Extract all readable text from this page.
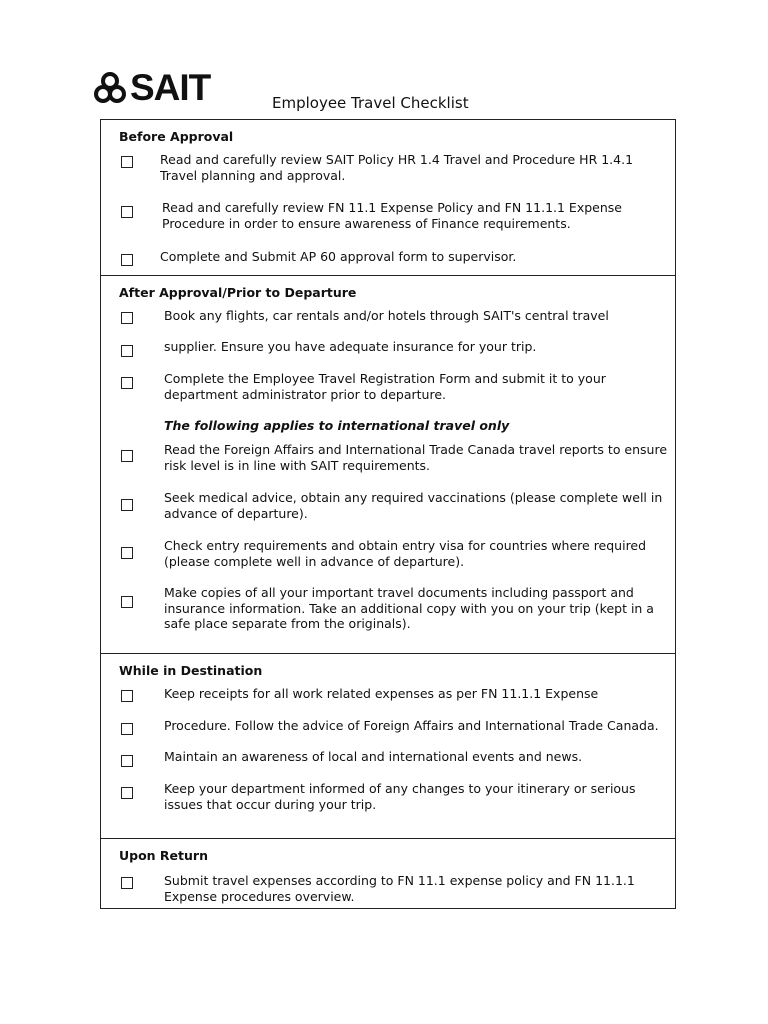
SAIT	Employee Travel Checklist
Before Approval
Read and carefully review SAIT Policy HR 1.4 Travel and Procedure HR 1.4.1 Travel planning and approval.
Read and carefully review FN 11.1 Expense Policy and FN 11.1.1 Expense Procedure in order to ensure awareness of Finance requirements.
Complete and Submit AP 60 approval form to supervisor.
After Approval/Prior to Departure
Book any flights, car rentals and/or hotels through SAIT's central travel
supplier. Ensure you have adequate insurance for your trip.
Complete the Employee Travel Registration Form and submit it to your department administrator prior to departure.
The following applies to international travel only
Read the Foreign Affairs and International Trade Canada travel reports to ensure risk level is in line with SAIT requirements.
Seek medical advice, obtain any required vaccinations (please complete well in advance of departure).
Check entry requirements and obtain entry visa for countries where required (please complete well in advance of departure).
Make copies of all your important travel documents including passport and insurance information. Take an additional copy with you on your trip (kept in a safe place separate from the originals).
While in Destination
Keep receipts for all work related expenses as per FN 11.1.1 Expense
Procedure. Follow the advice of Foreign Affairs and International Trade Canada.
Maintain an awareness of local and international events and news.
Keep your department informed of any changes to your itinerary or serious issues that occur during your trip.
Upon Return
Submit travel expenses according to FN 11.1 expense policy and FN 11.1.1 Expense procedures overview.
